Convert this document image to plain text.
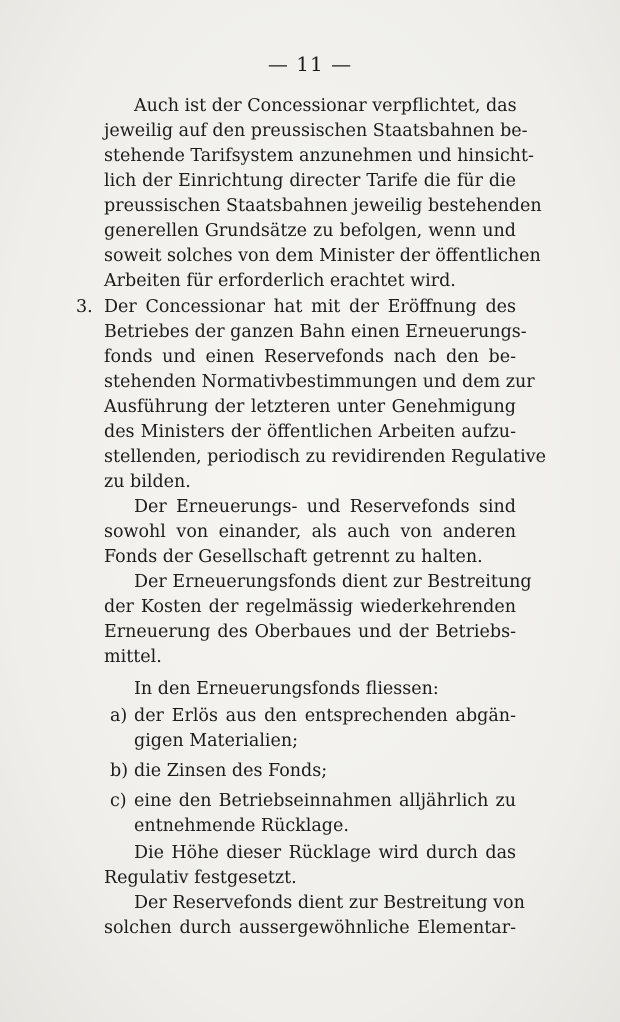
— 11 —
Auch ist der Concessionar verpflichtet, das
jeweilig auf den preussischen Staatsbahnen be-
stehende Tarifsystem anzunehmen und hinsicht-
lich der Einrichtung directer Tarife die für die
preussischen Staatsbahnen jeweilig bestehenden
generellen Grundsätze zu befolgen, wenn und
soweit solches von dem Minister der öffentlichen
Arbeiten für erforderlich erachtet wird.
3. Der Concessionar hat mit der Eröffnung des
Betriebes der ganzen Bahn einen Erneuerungs-
fonds und einen Reservefonds nach den be-
stehenden Normativbestimmungen und dem zur
Ausführung der letzteren unter Genehmigung
des Ministers der öffentlichen Arbeiten aufzu-
stellenden, periodisch zu revidirenden Regulative
zu bilden.
Der Erneuerungs- und Reservefonds sind
sowohl von einander, als auch von anderen
Fonds der Gesellschaft getrennt zu halten.
Der Erneuerungsfonds dient zur Bestreitung
der Kosten der regelmässig wiederkehrenden
Erneuerung des Oberbaues und der Betriebs-
mittel.
In den Erneuerungsfonds fliessen:
a) der Erlös aus den entsprechenden abgän-
gigen Materialien;
b) die Zinsen des Fonds;
c) eine den Betriebseinnahmen alljährlich zu
entnehmende Rücklage.
Die Höhe dieser Rücklage wird durch das
Regulativ festgesetzt.
Der Reservefonds dient zur Bestreitung von
solchen durch aussergewöhnliche Elementar-
